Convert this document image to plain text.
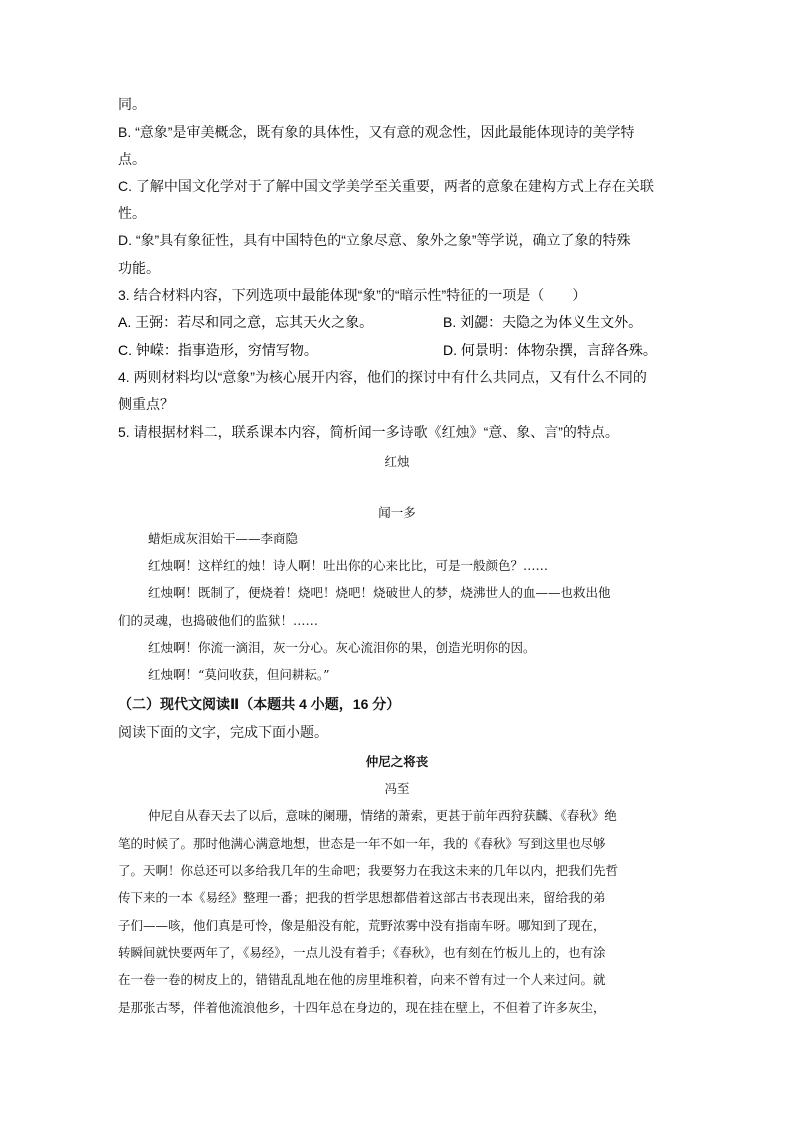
同。
B. “意象”是审美概念，既有象的具体性，又有意的观念性，因此最能体现诗的美学特
点。
C. 了解中国文化学对于了解中国文学美学至关重要，两者的意象在建构方式上存在关联
性。
D. “象”具有象征性，具有中国特色的“立象尽意、象外之象”等学说，确立了象的特殊
功能。
3. 结合材料内容，下列选项中最能体现“象”的“暗示性”特征的一项是（　　）
A. 王弼：若尽和同之意，忘其天火之象。	B. 刘勰：夫隐之为体义生文外。
C. 钟嵘：指事造形，穷情写物。	D. 何景明：体物杂撰，言辞各殊。
4. 两则材料均以“意象”为核心展开内容，他们的探讨中有什么共同点，又有什么不同的
侧重点？
5. 请根据材料二，联系课本内容，简析闻一多诗歌《红烛》“意、象、言”的特点。
红烛
闻一多
蜡炬成灰泪始干——李商隐
红烛啊！这样红的烛！诗人啊！吐出你的心来比比，可是一般颜色？……
红烛啊！既制了，便烧着！烧吧！烧吧！烧破世人的梦，烧沸世人的血——也救出他
们的灵魂，也捣破他们的监狱！……
红烛啊！你流一滴泪，灰一分心。灰心流泪你的果，创造光明你的因。
红烛啊！“莫问收获，但问耕耘。”
（二）现代文阅读Ⅱ（本题共 4 小题，16 分）
阅读下面的文字，完成下面小题。
仲尼之将丧
冯至
仲尼自从春天去了以后，意味的阑珊，情绪的萧索，更甚于前年西狩获麟、《春秋》绝
笔的时候了。那时他满心满意地想，世态是一年不如一年，我的《春秋》写到这里也尽够
了。天啊！你总还可以多给我几年的生命吧；我要努力在我这未来的几年以内，把我们先哲
传下来的一本《易经》整理一番；把我的哲学思想都借着这部古书表现出来，留给我的弟
子们——咳，他们真是可怜，像是船没有舵，荒野浓雾中没有指南车呀。哪知到了现在，
转瞬间就快要两年了，《易经》，一点儿没有着手；《春秋》，也有刻在竹板儿上的，也有涂
在一卷一卷的树皮上的，错错乱乱地在他的房里堆积着，向来不曾有过一个人来过问。就
是那张古琴，伴着他流浪他乡，十四年总在身边的，现在挂在壁上，不但着了许多灰尘，
